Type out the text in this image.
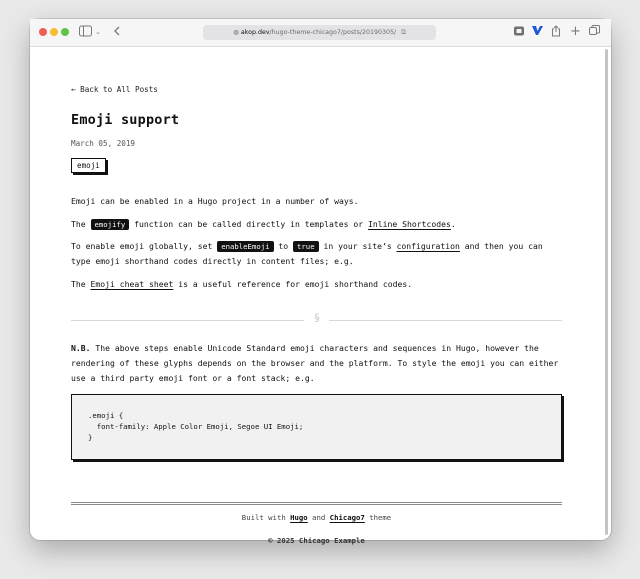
⌄	◍ akop.dev/hugo-theme-chicago7/posts/20190305/ ⧉	+
← Back to All Posts
Emoji support
March 05, 2019
emoji

Emoji can be enabled in a Hugo project in a number of ways.

The emojify function can be called directly in templates or Inline Shortcodes.

To enable emoji globally, set enableEmoji to true in your site’s configuration and then you can type emoji shorthand codes directly in content files; e.g.

The Emoji cheat sheet is a useful reference for emoji shorthand codes.

§

N.B. The above steps enable Unicode Standard emoji characters and sequences in Hugo, however the rendering of these glyphs depends on the browser and the platform. To style the emoji you can either use a third party emoji font or a font stack; e.g.

.emoji {
font-family: Apple Color Emoji, Segoe UI Emoji;
}
Built with Hugo and Chicago7 theme
© 2025 Chicago Example
